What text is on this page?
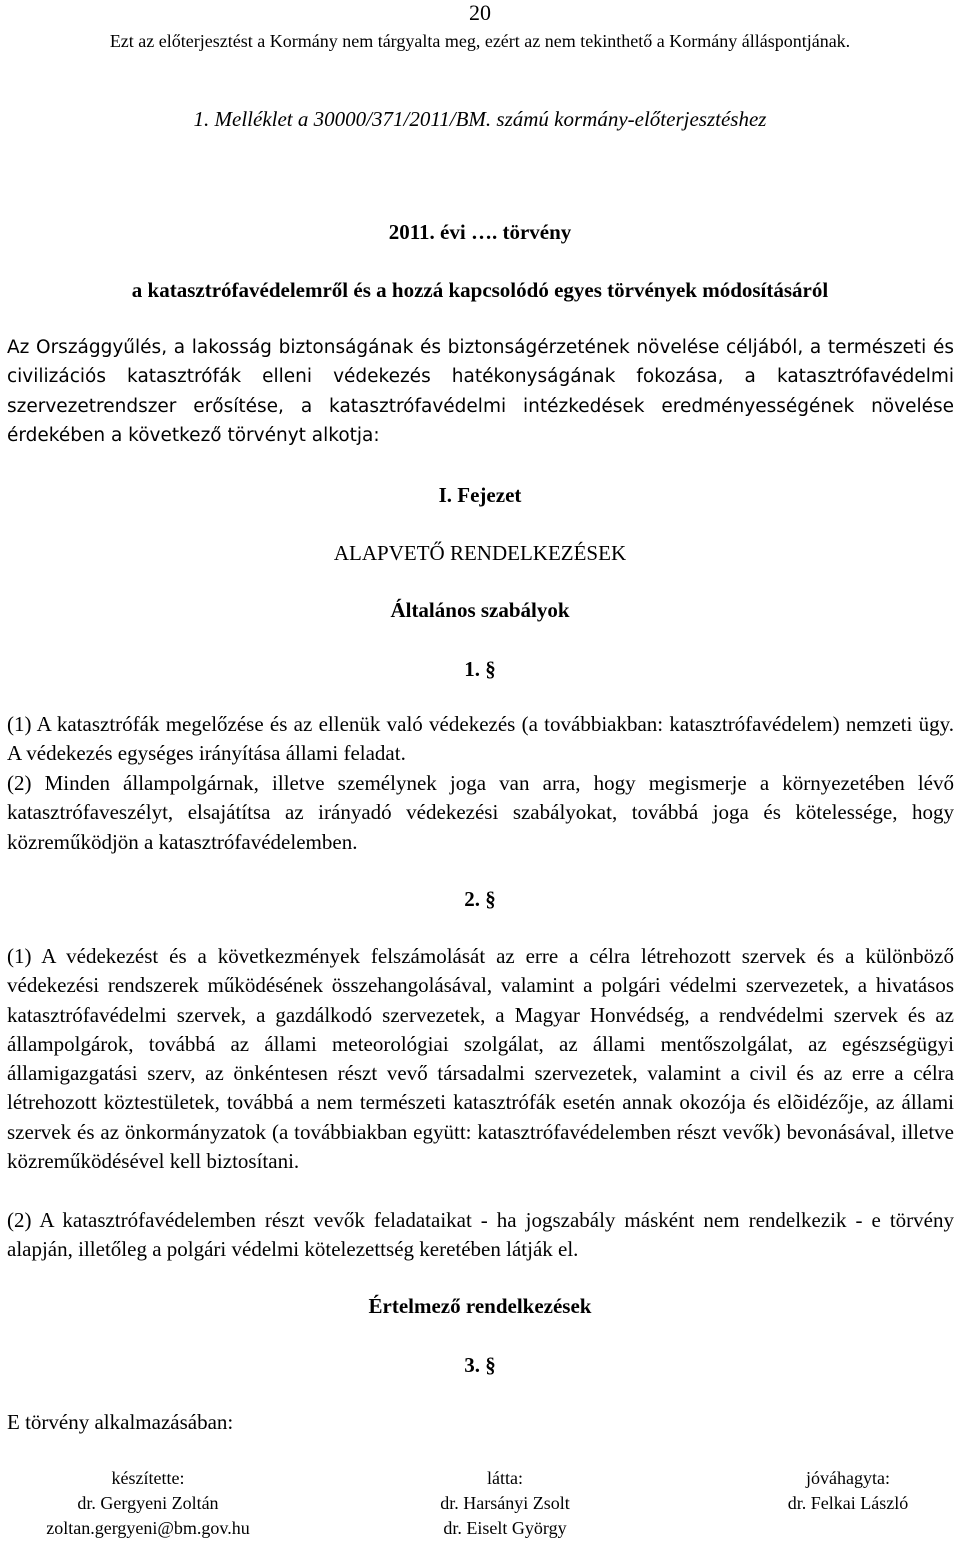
20
Ezt az előterjesztést a Kormány nem tárgyalta meg, ezért az nem tekinthető a Kormány álláspontjának.
1. Melléklet a 30000/371/2011/BM. számú kormány-előterjesztéshez
2011. évi …. törvény
a katasztrófavédelemről és a hozzá kapcsolódó egyes törvények módosításáról
Az Országgyűlés, a lakosság biztonságának és biztonságérzetének növelése céljából, a természeti és civilizációs katasztrófák elleni védekezés hatékonyságának fokozása, a katasztrófavédelmi szervezetrendszer erősítése, a katasztrófavédelmi intézkedések eredményességének növelése érdekében a következő törvényt alkotja:
I. Fejezet
ALAPVETŐ RENDELKEZÉSEK
Általános szabályok
1. §
(1) A katasztrófák megelőzése és az ellenük való védekezés (a továbbiakban: katasztrófavédelem) nemzeti ügy. A védekezés egységes irányítása állami feladat.
(2) Minden állampolgárnak, illetve személynek joga van arra, hogy megismerje a környezetében lévő katasztrófaveszélyt, elsajátítsa az irányadó védekezési szabályokat, továbbá joga és kötelessége, hogy közreműködjön a katasztrófavédelemben.
2. §
(1) A védekezést és a következmények felszámolását az erre a célra létrehozott szervek és a különböző védekezési rendszerek működésének összehangolásával, valamint a polgári védelmi szervezetek, a hivatásos katasztrófavédelmi szervek, a gazdálkodó szervezetek, a Magyar Honvédség, a rendvédelmi szervek és az állampolgárok, továbbá az állami meteorológiai szolgálat, az állami mentőszolgálat, az egészségügyi államigazgatási szerv, az önkéntesen részt vevő társadalmi szervezetek, valamint a civil és az erre a célra létrehozott köztestületek, továbbá a nem természeti katasztrófák esetén annak okozója és elõidézője, az állami szervek és az önkormányzatok (a továbbiakban együtt: katasztrófavédelemben részt vevők) bevonásával, illetve közreműködésével kell biztosítani.
(2) A katasztrófavédelemben részt vevők feladataikat - ha jogszabály másként nem rendelkezik - e törvény alapján, illetőleg a polgári védelmi kötelezettség keretében látják el.
Értelmező rendelkezések
3. §
E törvény alkalmazásában:
készítette:
dr. Gergyeni Zoltán
zoltan.gergyeni@bm.gov.hu
látta:
dr. Harsányi Zsolt
dr. Eiselt György
jóváhagyta:
dr. Felkai László
